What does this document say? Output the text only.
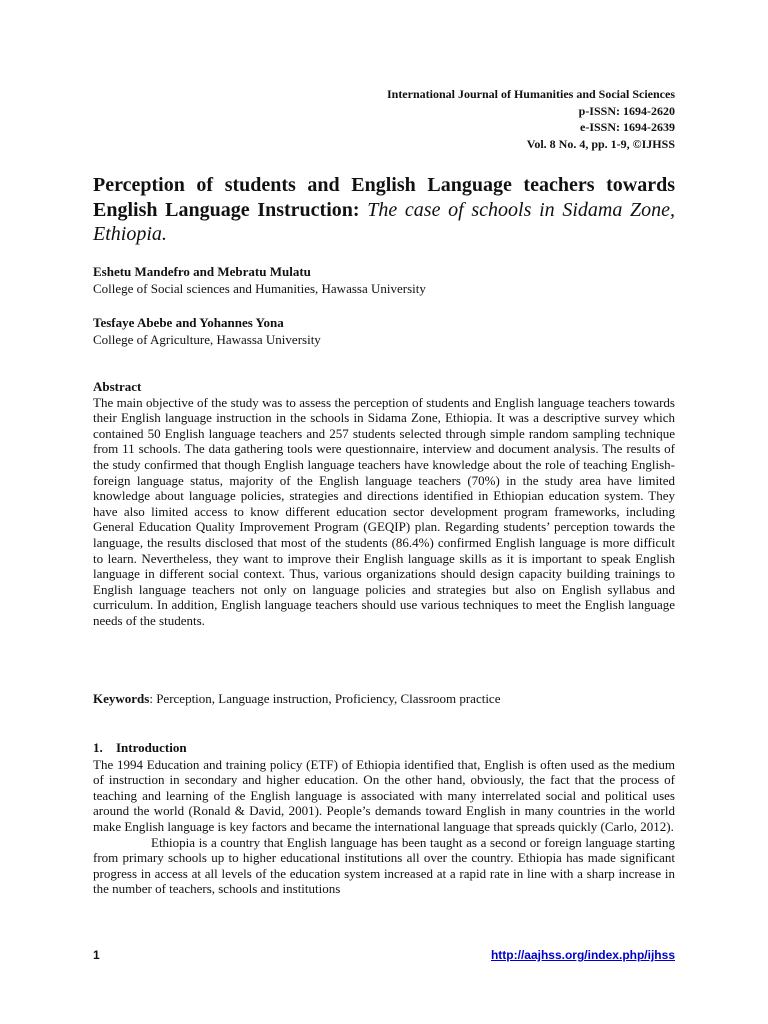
International Journal of Humanities and Social Sciences
p-ISSN: 1694-2620
e-ISSN: 1694-2639
Vol. 8 No. 4, pp. 1-9, ©IJHSS
Perception of students and English Language teachers towards English Language Instruction: The case of schools in Sidama Zone, Ethiopia.
Eshetu Mandefro and Mebratu Mulatu
College of Social sciences and Humanities, Hawassa University
Tesfaye Abebe and Yohannes Yona
College of Agriculture, Hawassa University
Abstract
The main objective of the study was to assess the perception of students and English language teachers towards their English language instruction in the schools in Sidama Zone, Ethiopia. It was a descriptive survey which contained 50 English language teachers and 257 students selected through simple random sampling technique from 11 schools. The data gathering tools were questionnaire, interview and document analysis. The results of the study confirmed that though English language teachers have knowledge about the role of teaching English-foreign language status, majority of the English language teachers (70%) in the study area have limited knowledge about language policies, strategies and directions identified in Ethiopian education system. They have also limited access to know different education sector development program frameworks, including General Education Quality Improvement Program (GEQIP) plan. Regarding students’ perception towards the language, the results disclosed that most of the students (86.4%) confirmed English language is more difficult to learn. Nevertheless, they want to improve their English language skills as it is important to speak English language in different social context. Thus, various organizations should design capacity building trainings to English language teachers not only on language policies and strategies but also on English syllabus and curriculum. In addition, English language teachers should use various techniques to meet the English language needs of the students.
Keywords: Perception, Language instruction, Proficiency, Classroom practice
1. Introduction

The 1994 Education and training policy (ETF) of Ethiopia identified that, English is often used as the medium of instruction in secondary and higher education. On the other hand, obviously, the fact that the process of teaching and learning of the English language is associated with many interrelated social and political uses around the world (Ronald & David, 2001). People’s demands toward English in many countries in the world make English language is key factors and became the international language that spreads quickly (Carlo, 2012).

Ethiopia is a country that English language has been taught as a second or foreign language starting from primary schools up to higher educational institutions all over the country. Ethiopia has made significant progress in access at all levels of the education system increased at a rapid rate in line with a sharp increase in the number of teachers, schools and institutions

1	http://aajhss.org/index.php/ijhss
